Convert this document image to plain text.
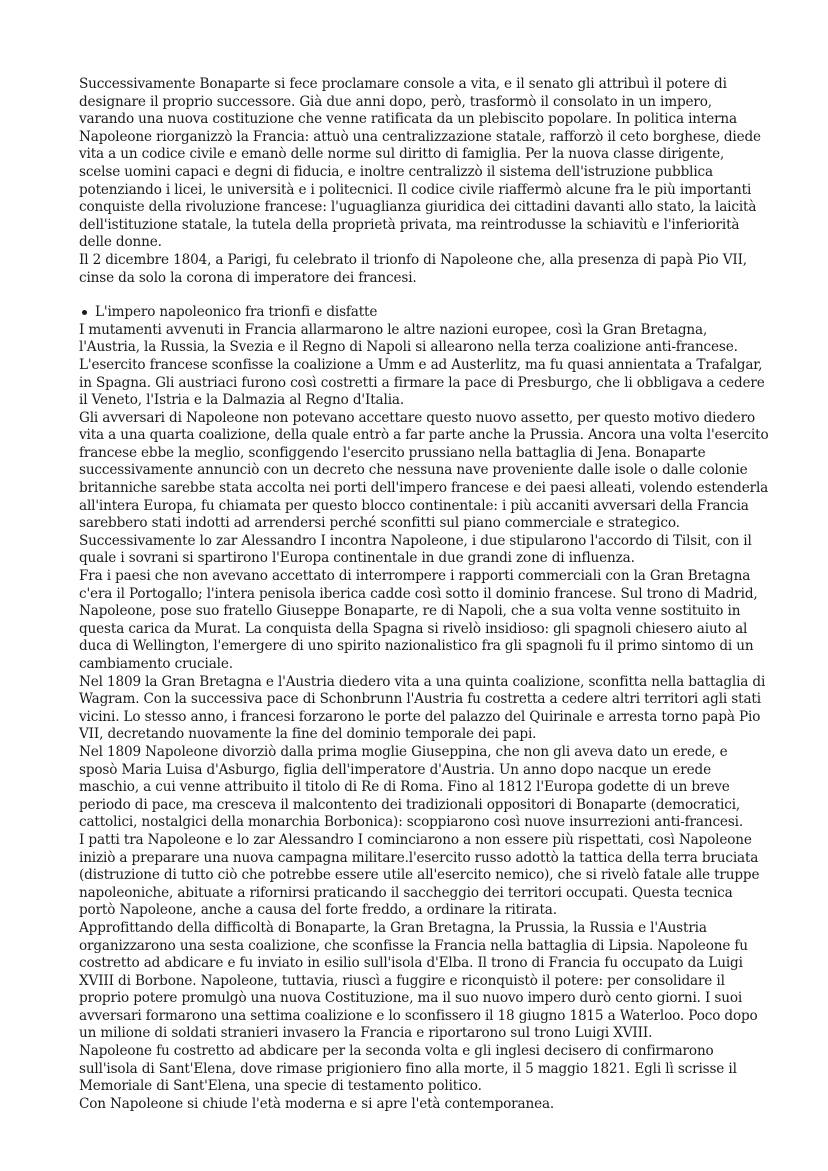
Successivamente Bonaparte si fece proclamare console a vita, e il senato gli attribuì il potere di designare il proprio successore. Già due anni dopo, però, trasformò il consolato in un impero, varando una nuova costituzione che venne ratificata da un plebiscito popolare. In politica interna Napoleone riorganizzò la Francia: attuò una centralizzazione statale, rafforzò il ceto borghese, diede vita a un codice civile e emanò delle norme sul diritto di famiglia. Per la nuova classe dirigente, scelse uomini capaci e degni di fiducia, e inoltre centralizzò il sistema dell'istruzione pubblica potenziando i licei, le università e i politecnici. Il codice civile riaffermò alcune fra le più importanti conquiste della rivoluzione francese: l'uguaglianza giuridica dei cittadini davanti allo stato, la laicità dell'istituzione statale, la tutela della proprietà privata, ma reintrodusse la schiavitù e l'inferiorità delle donne.

Il 2 dicembre 1804, a Parigi, fu celebrato il trionfo di Napoleone che, alla presenza di papà Pio VII, cinse da solo la corona di imperatore dei francesi.

L'impero napoleonico fra trionfi e disfatte

I mutamenti avvenuti in Francia allarmarono le altre nazioni europee, così la Gran Bretagna, l'Austria, la Russia, la Svezia e il Regno di Napoli si allearono nella terza coalizione anti-francese. L'esercito francese sconfisse la coalizione a Umm e ad Austerlitz, ma fu quasi annientata a Trafalgar, in Spagna. Gli austriaci furono così costretti a firmare la pace di Presburgo, che li obbligava a cedere il Veneto, l'Istria e la Dalmazia al Regno d'Italia.

Gli avversari di Napoleone non potevano accettare questo nuovo assetto, per questo motivo diedero vita a una quarta coalizione, della quale entrò a far parte anche la Prussia. Ancora una volta l'esercito francese ebbe la meglio, sconfiggendo l'esercito prussiano nella battaglia di Jena. Bonaparte successivamente annunciò con un decreto che nessuna nave proveniente dalle isole o dalle colonie britanniche sarebbe stata accolta nei porti dell'impero francese e dei paesi alleati, volendo estenderla all'intera Europa, fu chiamata per questo blocco continentale: i più accaniti avversari della Francia sarebbero stati indotti ad arrendersi perché sconfitti sul piano commerciale e strategico. Successivamente lo zar Alessandro I incontra Napoleone, i due stipularono l'accordo di Tilsit, con il quale i sovrani si spartirono l'Europa continentale in due grandi zone di influenza.

Fra i paesi che non avevano accettato di interrompere i rapporti commerciali con la Gran Bretagna c'era il Portogallo; l'intera penisola iberica cadde così sotto il dominio francese. Sul trono di Madrid, Napoleone, pose suo fratello Giuseppe Bonaparte, re di Napoli, che a sua volta venne sostituito in questa carica da Murat. La conquista della Spagna si rivelò insidioso: gli spagnoli chiesero aiuto al duca di Wellington, l'emergere di uno spirito nazionalistico fra gli spagnoli fu il primo sintomo di un cambiamento cruciale.

Nel 1809 la Gran Bretagna e l'Austria diedero vita a una quinta coalizione, sconfitta nella battaglia di Wagram. Con la successiva pace di Schonbrunn l'Austria fu costretta a cedere altri territori agli stati vicini. Lo stesso anno, i francesi forzarono le porte del palazzo del Quirinale e arresta torno papà Pio VII, decretando nuovamente la fine del dominio temporale dei papi.

Nel 1809 Napoleone divorziò dalla prima moglie Giuseppina, che non gli aveva dato un erede, e sposò Maria Luisa d'Asburgo, figlia dell'imperatore d'Austria. Un anno dopo nacque un erede maschio, a cui venne attribuito il titolo di Re di Roma. Fino al 1812 l'Europa godette di un breve periodo di pace, ma cresceva il malcontento dei tradizionali oppositori di Bonaparte (democratici, cattolici, nostalgici della monarchia Borbonica): scoppiarono così nuove insurrezioni anti-francesi.

I patti tra Napoleone e lo zar Alessandro I cominciarono a non essere più rispettati, così Napoleone iniziò a preparare una nuova campagna militare.l'esercito russo adottò la tattica della terra bruciata (distruzione di tutto ciò che potrebbe essere utile all'esercito nemico), che si rivelò fatale alle truppe napoleoniche, abituate a rifornirsi praticando il saccheggio dei territori occupati. Questa tecnica portò Napoleone, anche a causa del forte freddo, a ordinare la ritirata.

Approfittando della difficoltà di Bonaparte, la Gran Bretagna, la Prussia, la Russia e l'Austria organizzarono una sesta coalizione, che sconfisse la Francia nella battaglia di Lipsia. Napoleone fu costretto ad abdicare e fu inviato in esilio sull'isola d'Elba. Il trono di Francia fu occupato da Luigi XVIII di Borbone. Napoleone, tuttavia, riuscì a fuggire e riconquistò il potere: per consolidare il proprio potere promulgò una nuova Costituzione, ma il suo nuovo impero durò cento giorni. I suoi avversari formarono una settima coalizione e lo sconfissero il 18 giugno 1815 a Waterloo. Poco dopo un milione di soldati stranieri invasero la Francia e riportarono sul trono Luigi XVIII.

Napoleone fu costretto ad abdicare per la seconda volta e gli inglesi decisero di confirmarono sull'isola di Sant'Elena, dove rimase prigioniero fino alla morte, il 5 maggio 1821. Egli lì scrisse il Memoriale di Sant'Elena, una specie di testamento politico.

Con Napoleone si chiude l'età moderna e si apre l'età contemporanea.
